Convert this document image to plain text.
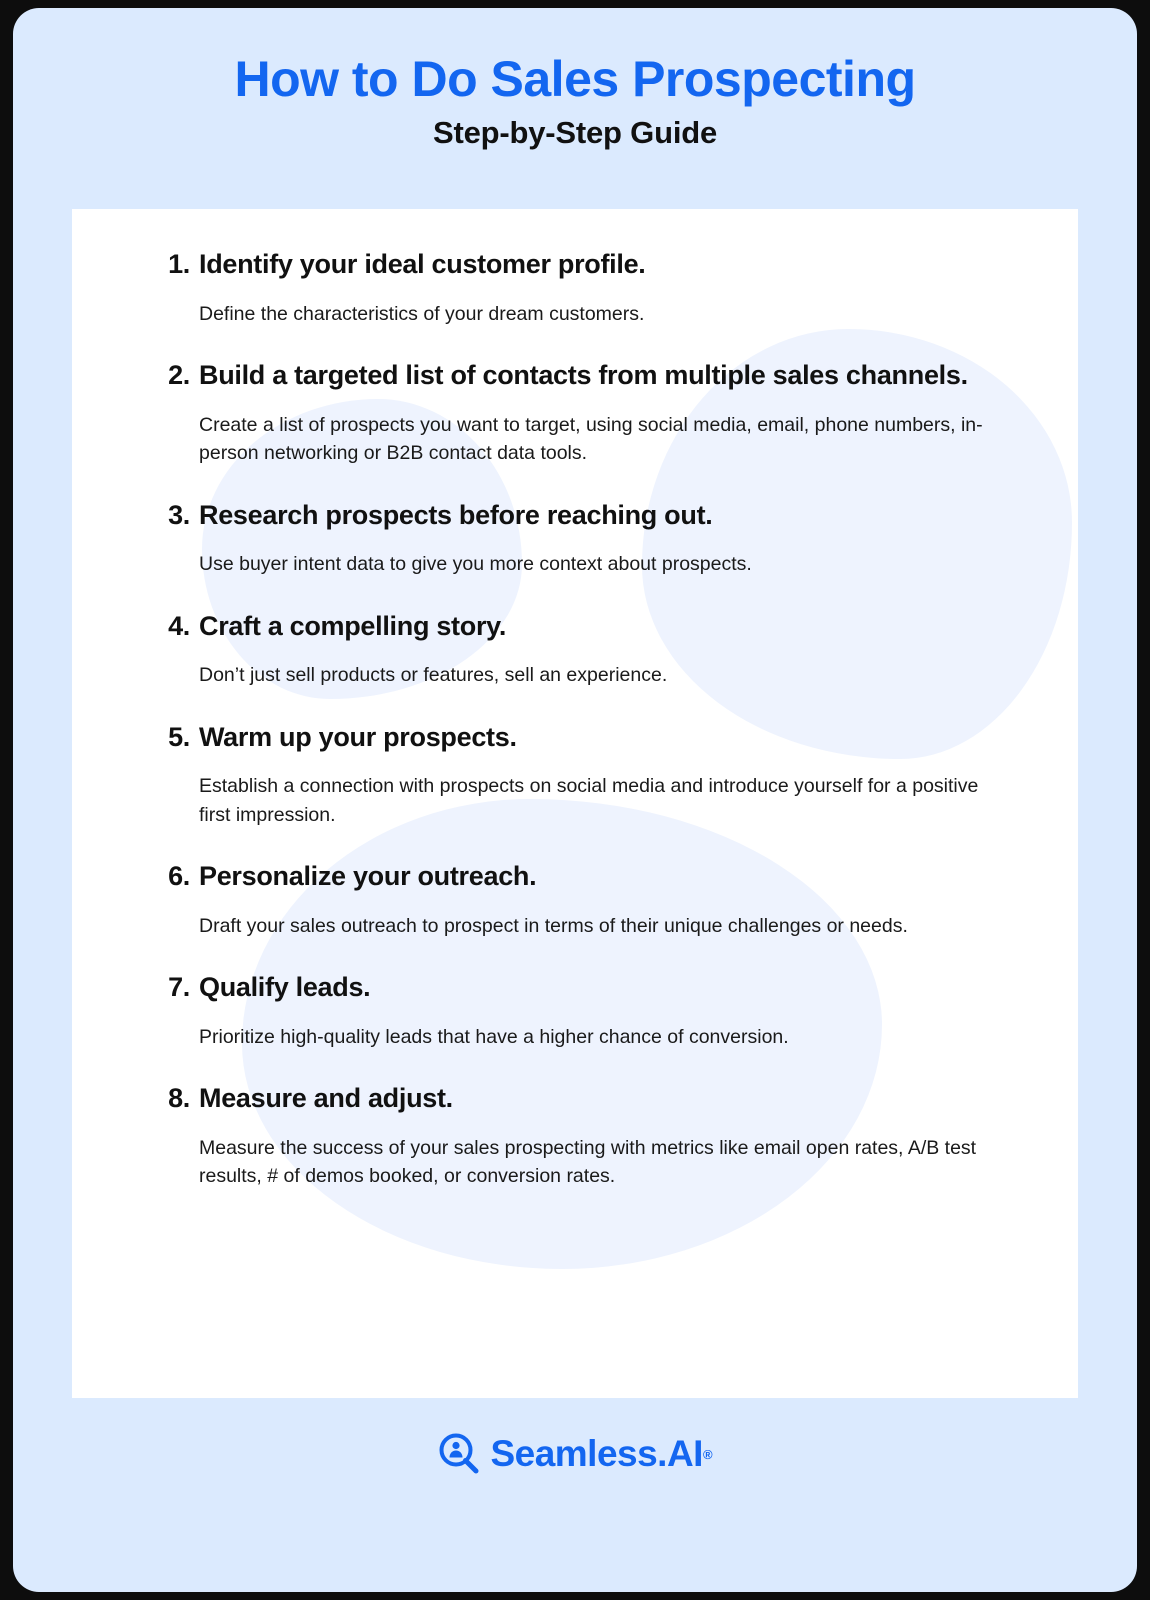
How to Do Sales Prospecting
Step-by-Step Guide
1. Identify your ideal customer profile.
Define the characteristics of your dream customers.
2. Build a targeted list of contacts from multiple sales channels.
Create a list of prospects you want to target, using social media, email, phone numbers, in-person networking or B2B contact data tools.
3. Research prospects before reaching out.
Use buyer intent data to give you more context about prospects.
4. Craft a compelling story.
Don’t just sell products or features, sell an experience.
5. Warm up your prospects.
Establish a connection with prospects on social media and introduce yourself for a positive first impression.
6. Personalize your outreach.
Draft your sales outreach to prospect in terms of their unique challenges or needs.
7. Qualify leads.
Prioritize high-quality leads that have a higher chance of conversion.
8. Measure and adjust.
Measure the success of your sales prospecting with metrics like email open rates, A/B test results, # of demos booked, or conversion rates.
Seamless.AI ®
